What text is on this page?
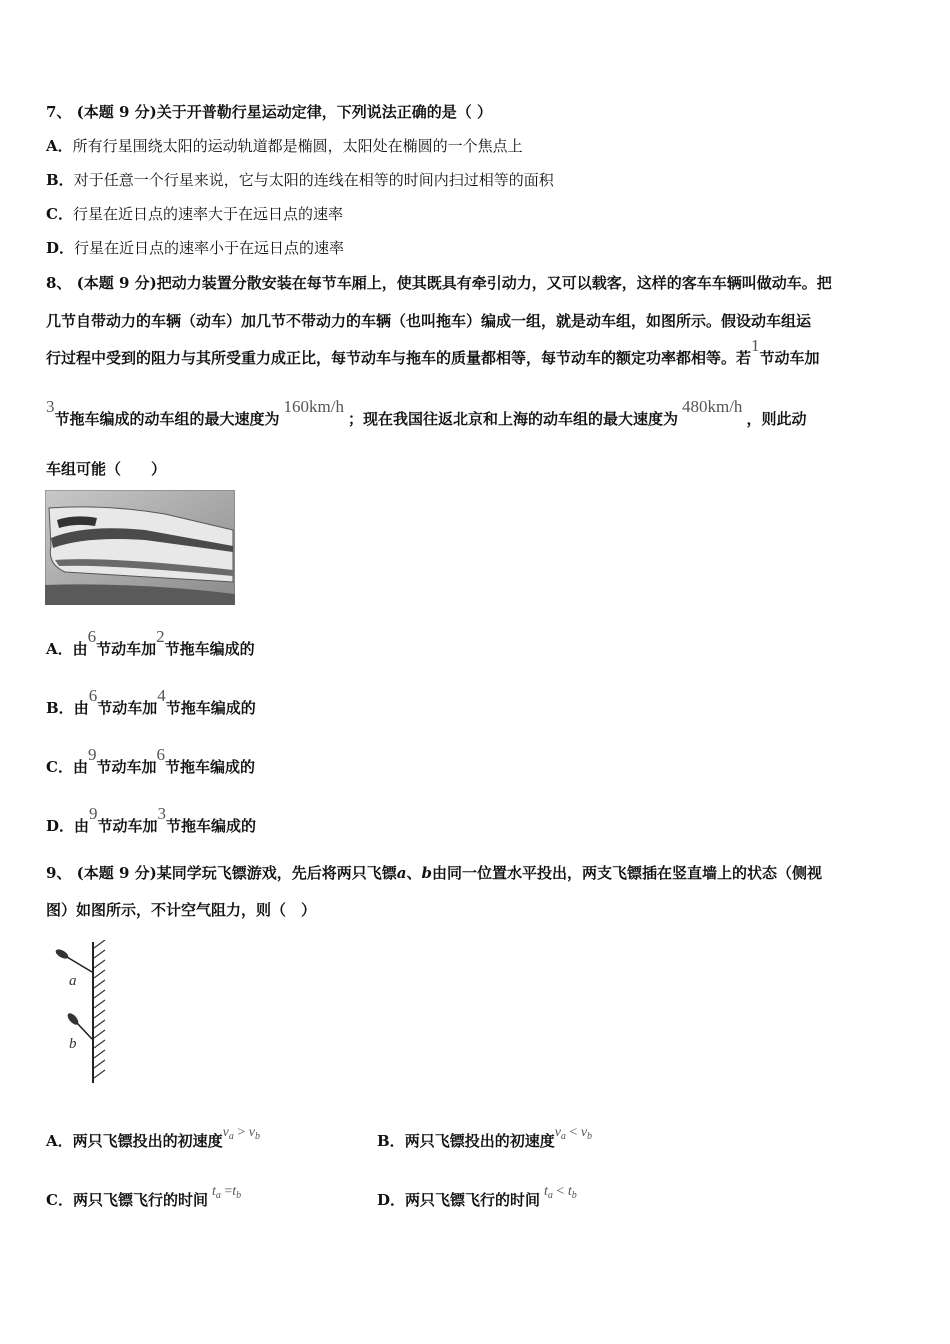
7、 (本题 9 分)关于开普勒行星运动定律，下列说法正确的是（ ）
A．所有行星围绕太阳的运动轨道都是椭圆，太阳处在椭圆的一个焦点上
B．对于任意一个行星来说，它与太阳的连线在相等的时间内扫过相等的面积
C．行星在近日点的速率大于在远日点的速率
D．行星在近日点的速率小于在远日点的速率
8、 (本题 9 分)把动力装置分散安装在每节车厢上，使其既具有牵引动力，又可以载客，这样的客车车辆叫做动车。把
几节自带动力的车辆（动车）加几节不带动力的车辆（也叫拖车）编成一组，就是动车组，如图所示。假设动车组运
行过程中受到的阻力与其所受重力成正比，每节动车与拖车的质量都相等，每节动车的额定功率都相等。若1节动车加
3节拖车编成的动车组的最大速度为160km/h；现在我国往返北京和上海的动车组的最大速度为480km/h，则此动
车组可能（　　）
A．由6节动车加2节拖车编成的
B．由6节动车加4节拖车编成的
C．由9节动车加6节拖车编成的
D．由9节动车加3节拖车编成的
9、 (本题 9 分)某同学玩飞镖游戏，先后将两只飞镖a、b由同一位置水平投出，两支飞镖插在竖直墙上的状态（侧视
图）如图所示，不计空气阻力，则（　）
a
b
A．两只飞镖投出的初速度$v_a > v_b$	B．两只飞镖投出的初速度$v_a < v_b$
C．两只飞镖飞行的时间 $t_a =t_b$	D．两只飞镖飞行的时间 $t_a < t_b$
